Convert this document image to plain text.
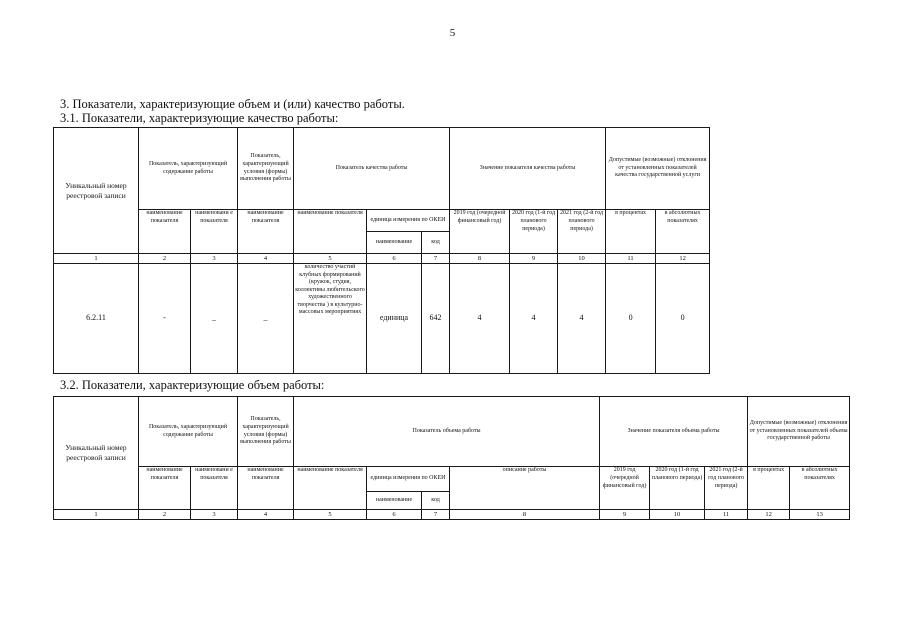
5
3. Показатели, характеризующие объем и (или) качество работы.
3.1. Показатели, характеризующие качество работы:
Уникальный номер реестровой записи	Показатель, характеризующий содержание работы		Показатель, характеризующий условия (формы) выполнения работы	Показатель качества работы			Значение показателя качества работы			Допустимые (возможные) отклонения от установленных показателей качества государственной услуги	
	наименование показателя	наименовани е показателя	наименование показателя	наименование показателя	единица измерения по ОКЕИ		2019 год (очередной финансовый год)	2020 год (1-й год планового периода)	2021 год (2-й год планового периода)	в процентах	в абсолютных показателях
					наименование	код					
1	2	3	4	5	6	7	8	9	10	11	12
6.2.11	-	_	_	количество участий клубных формирований (кружок, студия, коллективы любительского художественного творчества ) в культурно-массовых мероприятиях	единица	642	4	4	4	0	0
3.2. Показатели, характеризующие объем работы:
Уникальный номер реестровой записи	Показатель, характеризующий содержание работы		Показатель, характеризующий условия (формы) выполнения работы	Показатель объема работы				Значение показателя объема работы			Допустимые (возможные) отклонения от установленных показателей объема государственной работы	
	наименование показателя	наименовани е показателя	наименование показателя	наименование показателя	единица измерения по ОКЕИ		описание работы	2019 год (очередной финансовый год)	2020 год (1-й год планового периода)	2021 год (2-й год планового периода)	в процентах	в абсолютных показателях
					наименование	код						
1	2	3	4	5	6	7	8	9	10	11	12	13
